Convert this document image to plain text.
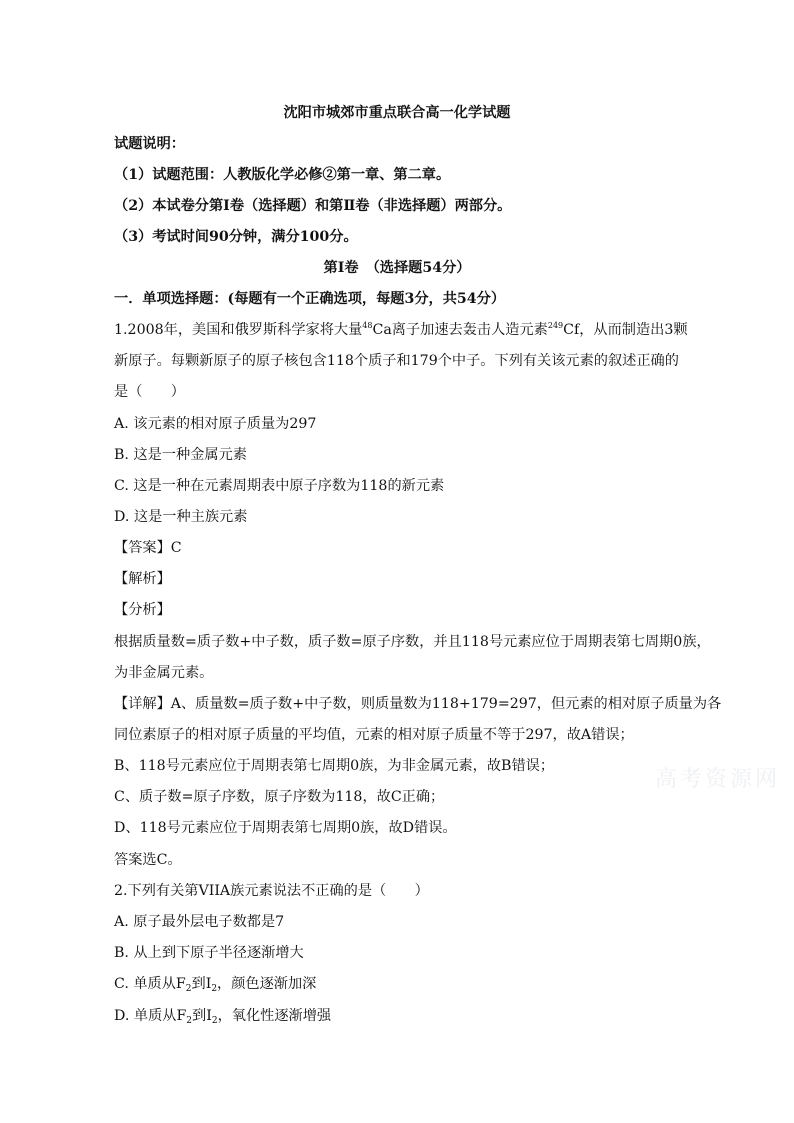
沈阳市城郊市重点联合高一化学试题
试题说明：
（1）试题范围：人教版化学必修②第一章、第二章。
（2）本试卷分第Ⅰ卷（选择题）和第Ⅱ卷（非选择题）两部分。
（3）考试时间90分钟，满分100分。
第Ⅰ卷　（选择题54分）
一．单项选择题：(每题有一个正确选项，每题3分，共54分）
1.2008年，美国和俄罗斯科学家将大量$^{48}$Ca离子加速去轰击人造元素$^{249}$Cf，从而制造出3颗
新原子。每颗新原子的原子核包含118个质子和179个中子。下列有关该元素的叙述正确的
是（　　）
A. 该元素的相对原子质量为297
B. 这是一种金属元素
C. 这是一种在元素周期表中原子序数为118的新元素
D. 这是一种主族元素
【答案】C
【解析】
【分析】
根据质量数=质子数+中子数，质子数=原子序数，并且118号元素应位于周期表第七周期0族，
为非金属元素。
【详解】A、质量数=质子数+中子数，则质量数为118+179=297，但元素的相对原子质量为各
同位素原子的相对原子质量的平均值，元素的相对原子质量不等于297，故A错误；
B、118号元素应位于周期表第七周期0族，为非金属元素，故B错误；
C、质子数=原子序数，原子序数为118，故C正确；
D、118号元素应位于周期表第七周期0族，故D错误。
答案选C。
2.下列有关第VIIA族元素说法不正确的是（　　）
A. 原子最外层电子数都是7
B. 从上到下原子半径逐渐增大
C. 单质从$F_2$到$I_2$，颜色逐渐加深
D. 单质从$F_2$到$I_2$，氧化性逐渐增强
高考资源网
